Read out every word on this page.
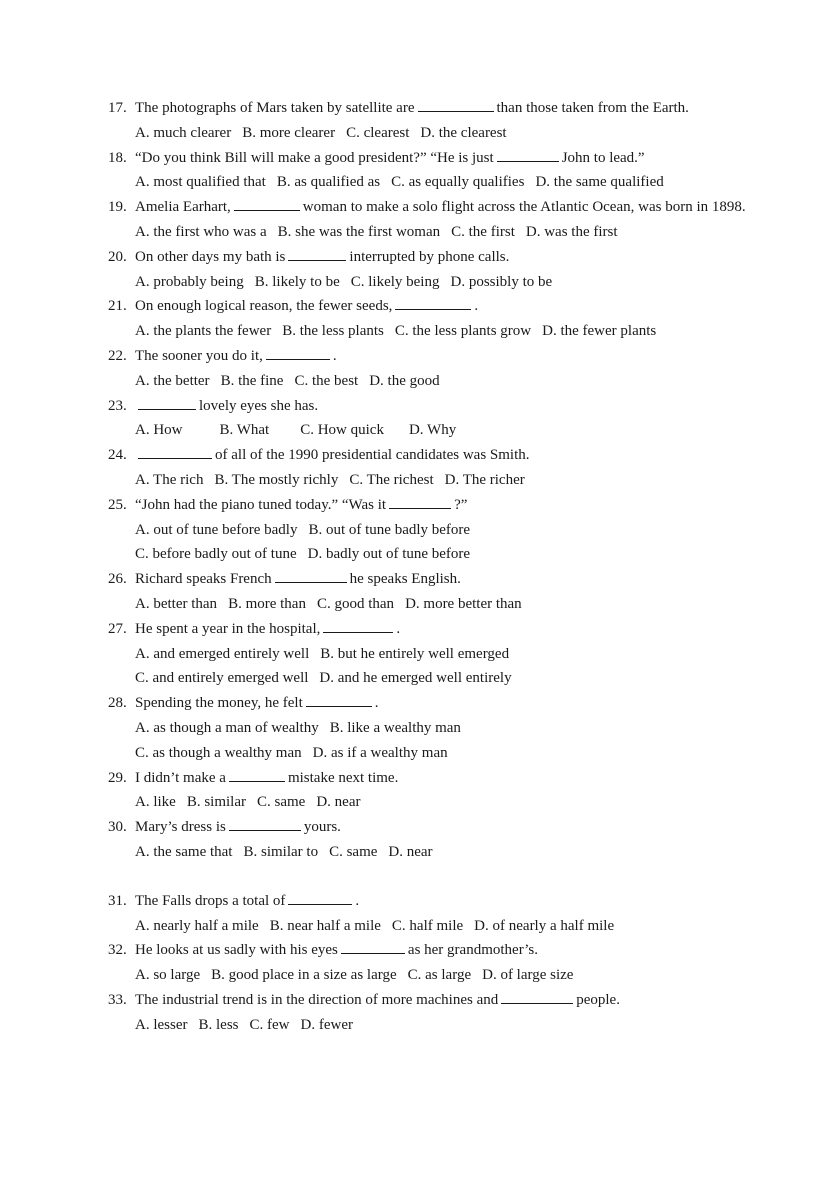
17. The photographs of Mars taken by satellite are	than those taken from the Earth.
A. much clearer B. more clearer C. clearest D. the clearest
18. “Do you think Bill will make a good president?” “He is just	John to lead.”
A. most qualified that B. as qualified as C. as equally qualifies D. the same qualified
19. Amelia Earhart,	woman to make a solo flight across the Atlantic Ocean, was born in 1898.
A. the first who was a B. she was the first woman C. the first D. was the first
20. On other days my bath is	interrupted by phone calls.
A. probably being B. likely to be C. likely being D. possibly to be
21. On enough logical reason, the fewer seeds,	.
A. the plants the fewer B. the less plants C. the less plants grow D. the fewer plants
22. The sooner you do it,	.
A. the better B. the fine C. the best D. the good
23.	lovely eyes she has.
A. How B. What C. How quick D. Why
24.	of all of the 1990 presidential candidates was Smith.
A. The rich B. The mostly richly C. The richest D. The richer
25. “John had the piano tuned today.” “Was it	?”
A. out of tune before badly B. out of tune badly before
C. before badly out of tune D. badly out of tune before
26. Richard speaks French	he speaks English.
A. better than B. more than C. good than D. more better than
27. He spent a year in the hospital,	.
A. and emerged entirely well B. but he entirely well emerged
C. and entirely emerged well D. and he emerged well entirely
28. Spending the money, he felt	.
A. as though a man of wealthy B. like a wealthy man
C. as though a wealthy man D. as if a wealthy man
29. I didn’t make a	mistake next time.
A. like B. similar C. same D. near
30. Mary’s dress is	yours.
A. the same that B. similar to C. same D. near
31. The Falls drops a total of	.
A. nearly half a mile B. near half a mile C. half mile D. of nearly a half mile
32. He looks at us sadly with his eyes	as her grandmother’s.
A. so large B. good place in a size as large C. as large D. of large size
33. The industrial trend is in the direction of more machines and	people.
A. lesser B. less C. few D. fewer
